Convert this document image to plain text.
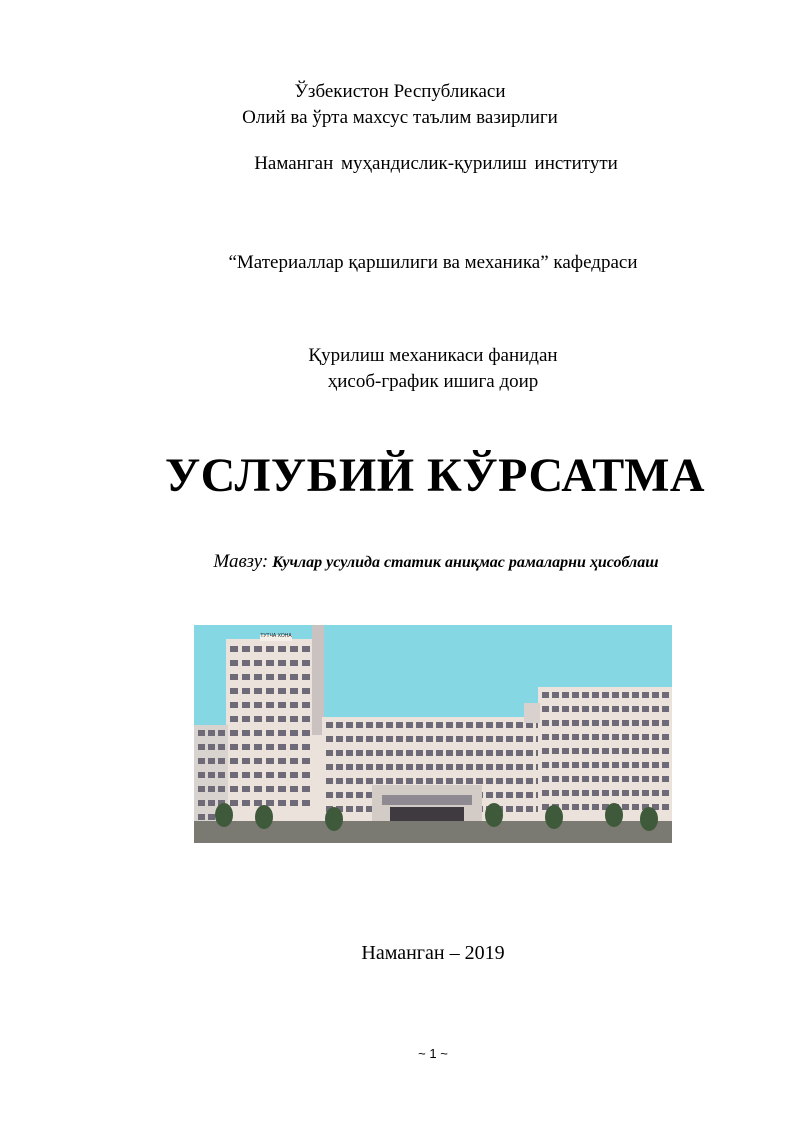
Ўзбекистон Республикаси
Олий ва ўрта махсус таълим вазирлиги
Наманган муҳандислик-қурилиш институти
“Материаллар қаршилиги ва механика” кафедраси
Қурилиш механикаси фанидан
ҳисоб-график ишига доир
УСЛУБИЙ КЎРСАТМА
Мавзу: Кучлар усулида статик аниқмас рамаларни ҳисоблаш
ТУТЧА ХОНА
Наманган – 2019
~ 1 ~
